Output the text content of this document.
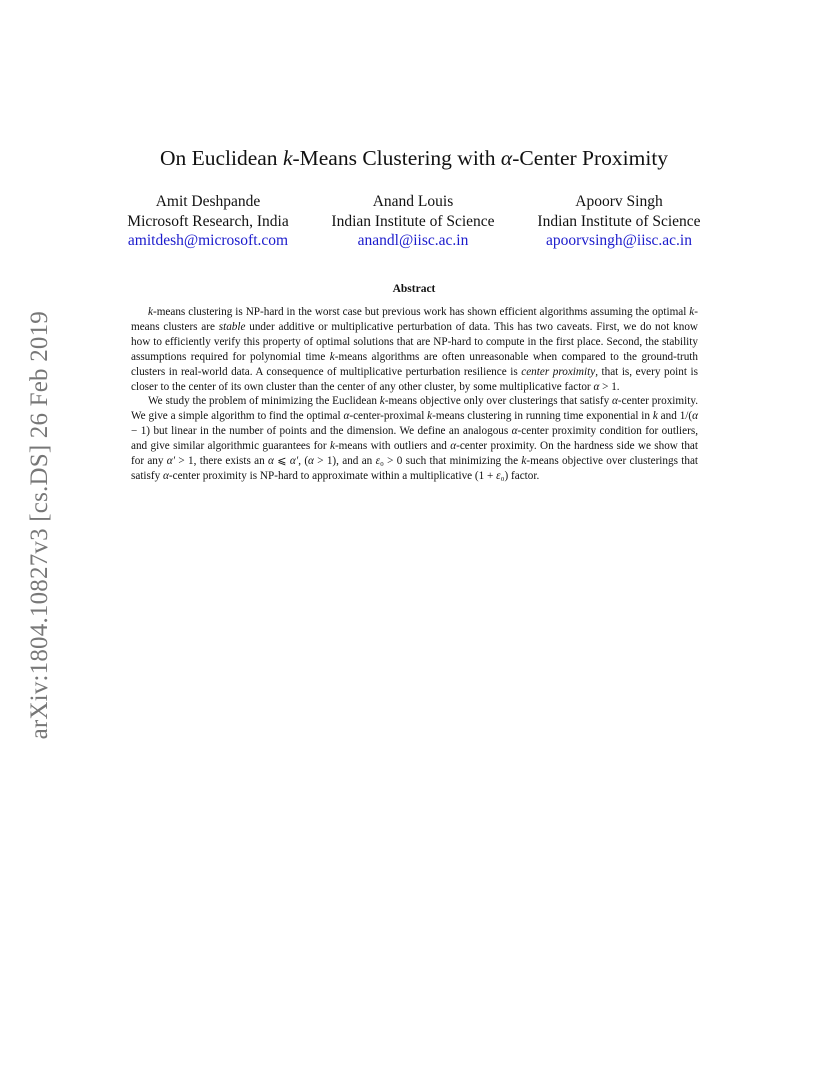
arXiv:1804.10827v3 [cs.DS] 26 Feb 2019
On Euclidean k-Means Clustering with α-Center Proximity
Amit Deshpande
Microsoft Research, India
amitdesh@microsoft.com
Anand Louis
Indian Institute of Science
anandl@iisc.ac.in
Apoorv Singh
Indian Institute of Science
apoorvsingh@iisc.ac.in
Abstract

k-means clustering is NP-hard in the worst case but previous work has shown efficient algorithms assuming the optimal k-means clusters are stable under additive or multiplicative perturbation of data. This has two caveats. First, we do not know how to efficiently verify this property of optimal solutions that are NP-hard to compute in the first place. Second, the stability assumptions required for polynomial time k-means algorithms are often unreasonable when compared to the ground-truth clusters in real-world data. A consequence of multiplicative perturbation resilience is center proximity, that is, every point is closer to the center of its own cluster than the center of any other cluster, by some multiplicative factor α > 1.

We study the problem of minimizing the Euclidean k-means objective only over clusterings that satisfy α-center proximity. We give a simple algorithm to find the optimal α-center-proximal k-means clustering in running time exponential in k and 1/(α − 1) but linear in the number of points and the dimension. We define an analogous α-center proximity condition for outliers, and give similar algorithmic guarantees for k-means with outliers and α-center proximity. On the hardness side we show that for any α′ > 1, there exists an α ⩽ α′, (α > 1), and an ε₀ > 0 such that minimizing the k-means objective over clusterings that satisfy α-center proximity is NP-hard to approximate within a multiplicative (1 + ε₀) factor.
